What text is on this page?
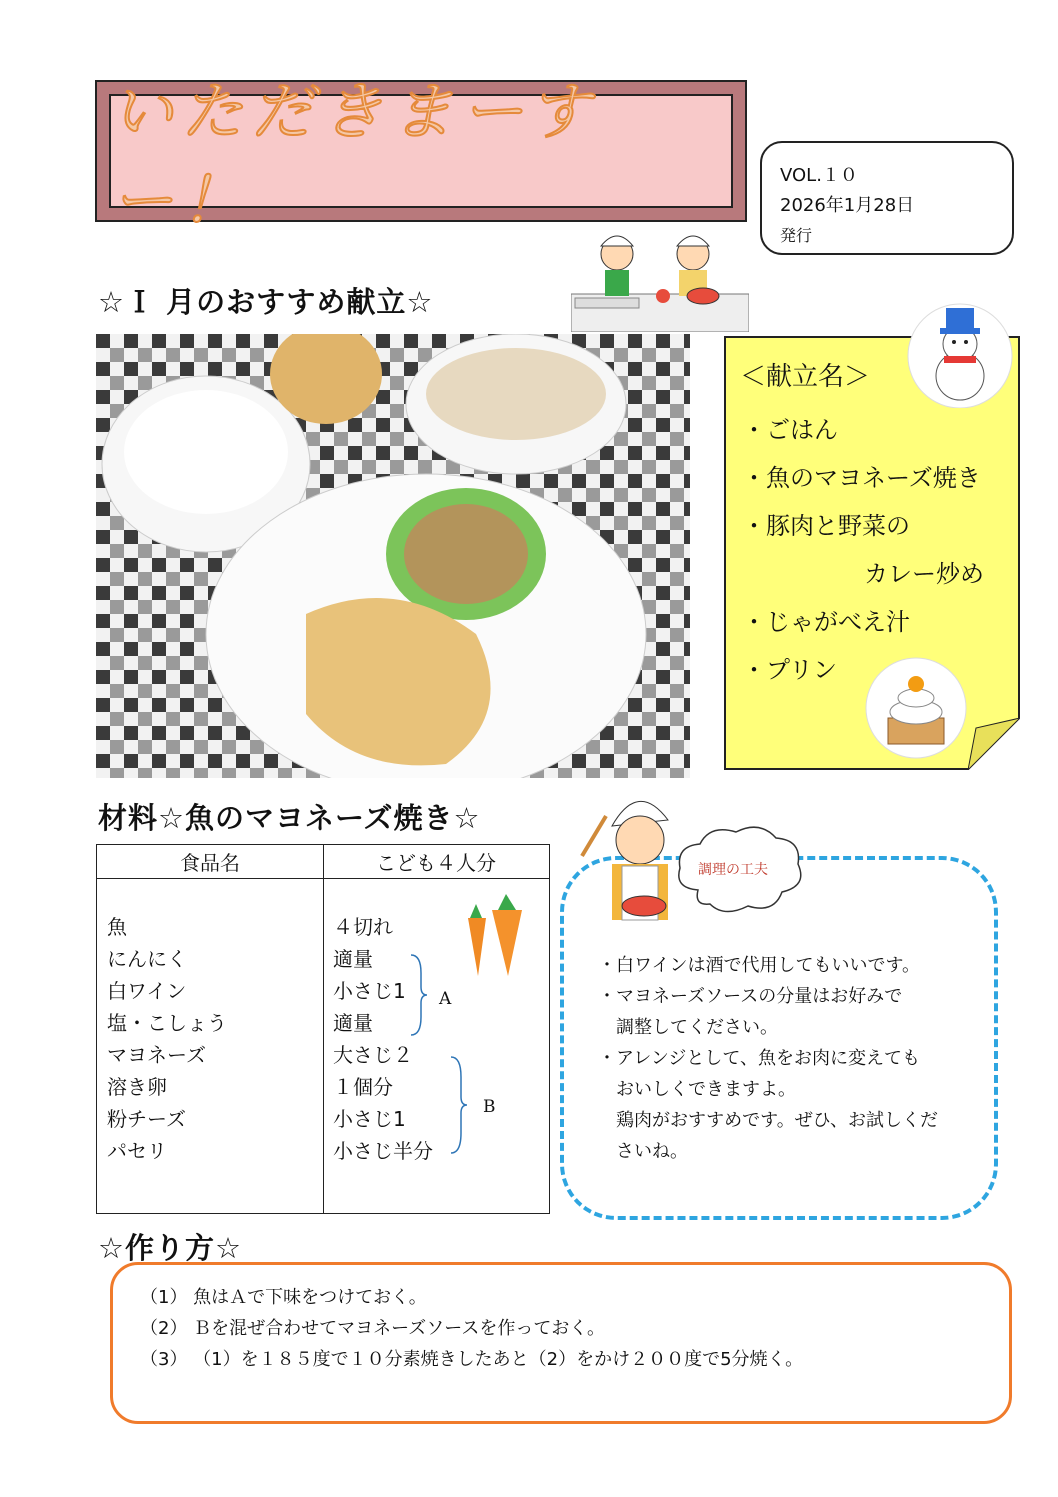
いただきまーすー！	VOL.１０
2026年1月28日
発行
☆Ｉ 月のおすすめ献立☆
＜献立名＞
・ごはん
・魚のマヨネーズ焼き
・豚肉と野菜の
カレー炒め
・じゃがべえ汁
・プリン
材料☆魚のマヨネーズ焼き☆
食品名	こども４人分
魚
にんにく
白ワイン
塩・こしょう
マヨネーズ
溶き卵
粉チーズ
パセリ
４切れ
適量
小さじ1
適量
大さじ２
１個分
小さじ1
小さじ半分
A
B
調理の工夫
・白ワインは酒で代用してもいいです。
・マヨネーズソースの分量はお好みで
調整してください。
・アレンジとして、魚をお肉に変えても
おいしくできますよ。
鶏肉がおすすめです。ぜひ、お試しくだ
さいね。
☆作り方☆
（1） 魚はＡで下味をつけておく。
（2） Ｂを混ぜ合わせてマヨネーズソースを作っておく。
（3） （1）を１８５度で１０分素焼きしたあと（2）をかけ２００度で5分焼く。
